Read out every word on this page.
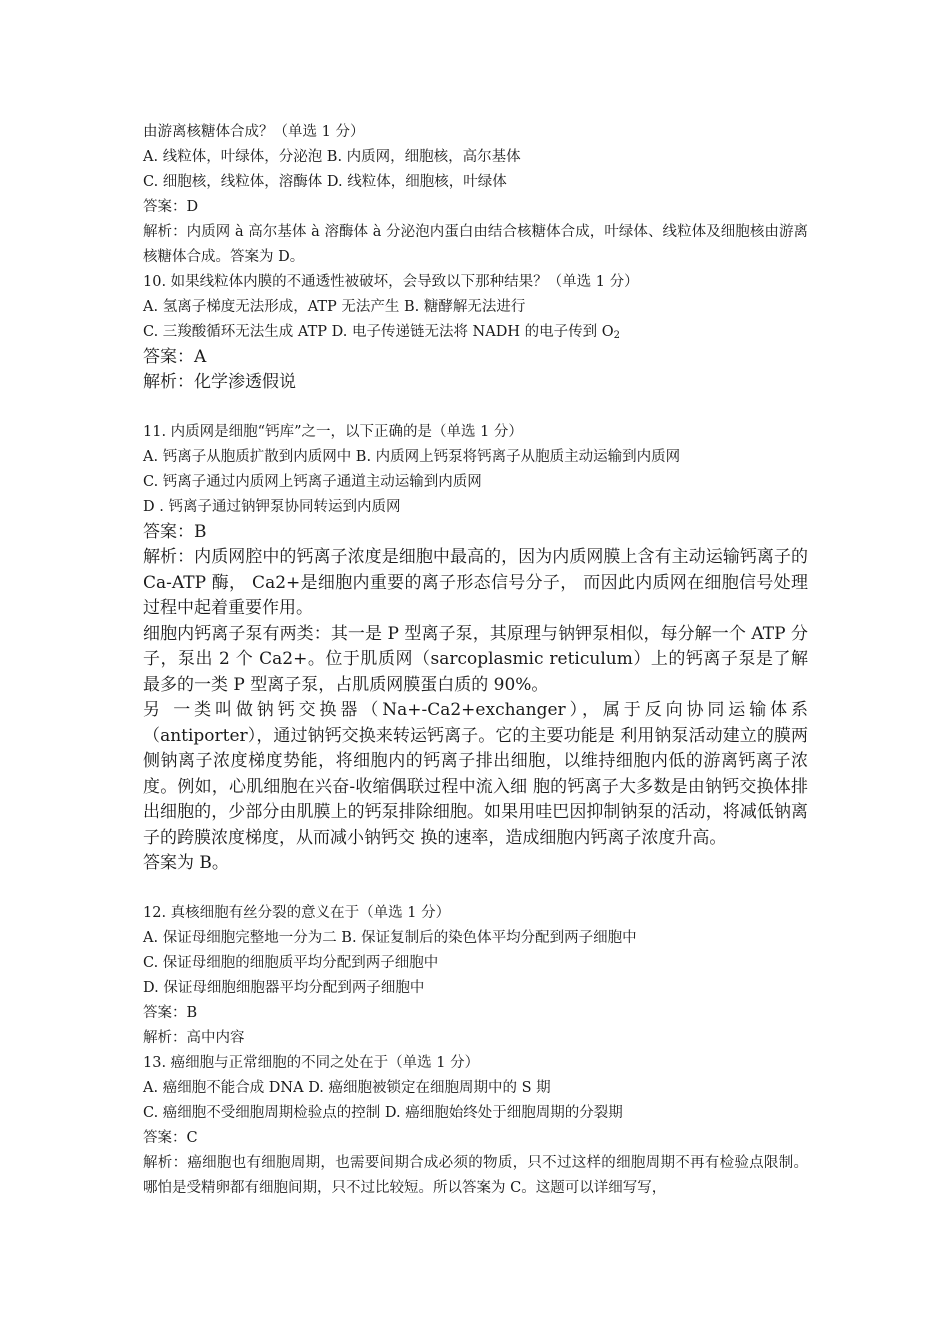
由游离核糖体合成？（单选 1 分）
A. 线粒体，叶绿体，分泌泡 B. 内质网，细胞核，高尔基体
C. 细胞核，线粒体，溶酶体 D. 线粒体，细胞核，叶绿体
答案：D
解析：内质网 à 高尔基体 à 溶酶体 à 分泌泡内蛋白由结合核糖体合成，叶绿体、线粒体及细胞核由游离核糖体合成。答案为 D。
10. 如果线粒体内膜的不通透性被破坏，会导致以下那种结果？（单选 1 分）
A. 氢离子梯度无法形成，ATP 无法产生 B. 糖酵解无法进行
C. 三羧酸循环无法生成 ATP D. 电子传递链无法将 NADH 的电子传到 $O_2$
答案：A
解析：化学渗透假说
11. 内质网是细胞“钙库”之一，以下正确的是（单选 1 分）
A. 钙离子从胞质扩散到内质网中 B. 内质网上钙泵将钙离子从胞质主动运输到内质网
C. 钙离子通过内质网上钙离子通道主动运输到内质网
D . 钙离子通过钠钾泵协同转运到内质网
答案：B
解析：内质网腔中的钙离子浓度是细胞中最高的，因为内质网膜上含有主动运输钙离子的 Ca-ATP 酶， Ca2+是细胞内重要的离子形态信号分子， 而因此内质网在细胞信号处理过程中起着重要作用。
细胞内钙离子泵有两类：其一是 P 型离子泵，其原理与钠钾泵相似，每分解一个 ATP 分子，泵出 2 个 Ca2+。位于肌质网（sarcoplasmic reticulum）上的钙离子泵是了解最多的一类 P 型离子泵，占肌质网膜蛋白质的 90%。
另 一类叫做钠钙交换器（Na+-Ca2+exchanger），属于反向协同运输体系（antiporter），通过钠钙交换来转运钙离子。它的主要功能是 利用钠泵活动建立的膜两侧钠离子浓度梯度势能，将细胞内的钙离子排出细胞，以维持细胞内低的游离钙离子浓度。例如，心肌细胞在兴奋-收缩偶联过程中流入细 胞的钙离子大多数是由钠钙交换体排出细胞的，少部分由肌膜上的钙泵排除细胞。如果用哇巴因抑制钠泵的活动，将减低钠离子的跨膜浓度梯度，从而减小钠钙交 换的速率，造成细胞内钙离子浓度升高。
答案为 B。
12. 真核细胞有丝分裂的意义在于（单选 1 分）
A. 保证母细胞完整地一分为二 B. 保证复制后的染色体平均分配到两子细胞中
C. 保证母细胞的细胞质平均分配到两子细胞中
D. 保证母细胞细胞器平均分配到两子细胞中
答案：B
解析：高中内容
13. 癌细胞与正常细胞的不同之处在于（单选 1 分）
A. 癌细胞不能合成 DNA D. 癌细胞被锁定在细胞周期中的 S 期
C. 癌细胞不受细胞周期检验点的控制 D. 癌细胞始终处于细胞周期的分裂期
答案：C
解析：癌细胞也有细胞周期，也需要间期合成必须的物质，只不过这样的细胞周期不再有检验点限制。哪怕是受精卵都有细胞间期，只不过比较短。所以答案为 C。这题可以详细写写，
